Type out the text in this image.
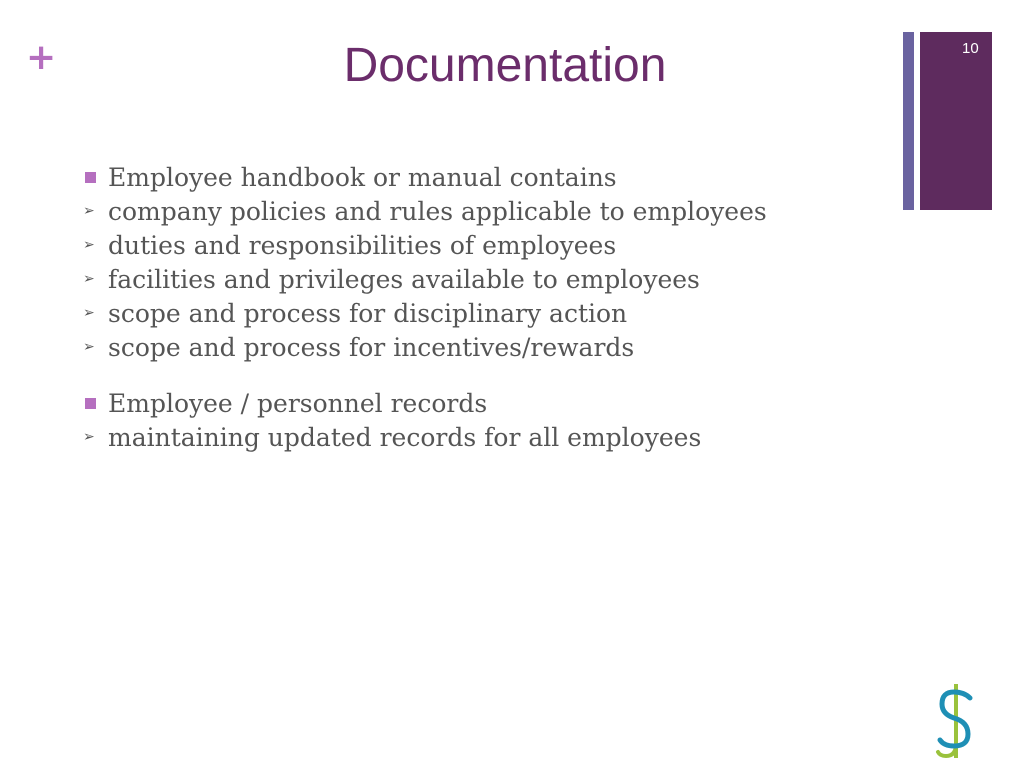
+	Documentation	10
Employee handbook or manual contains
➢ company policies and rules applicable to employees
➢ duties and responsibilities of employees
➢ facilities and privileges available to employees
➢ scope and process for disciplinary action
➢ scope and process for incentives/rewards
Employee / personnel records
➢ maintaining updated records for all employees
